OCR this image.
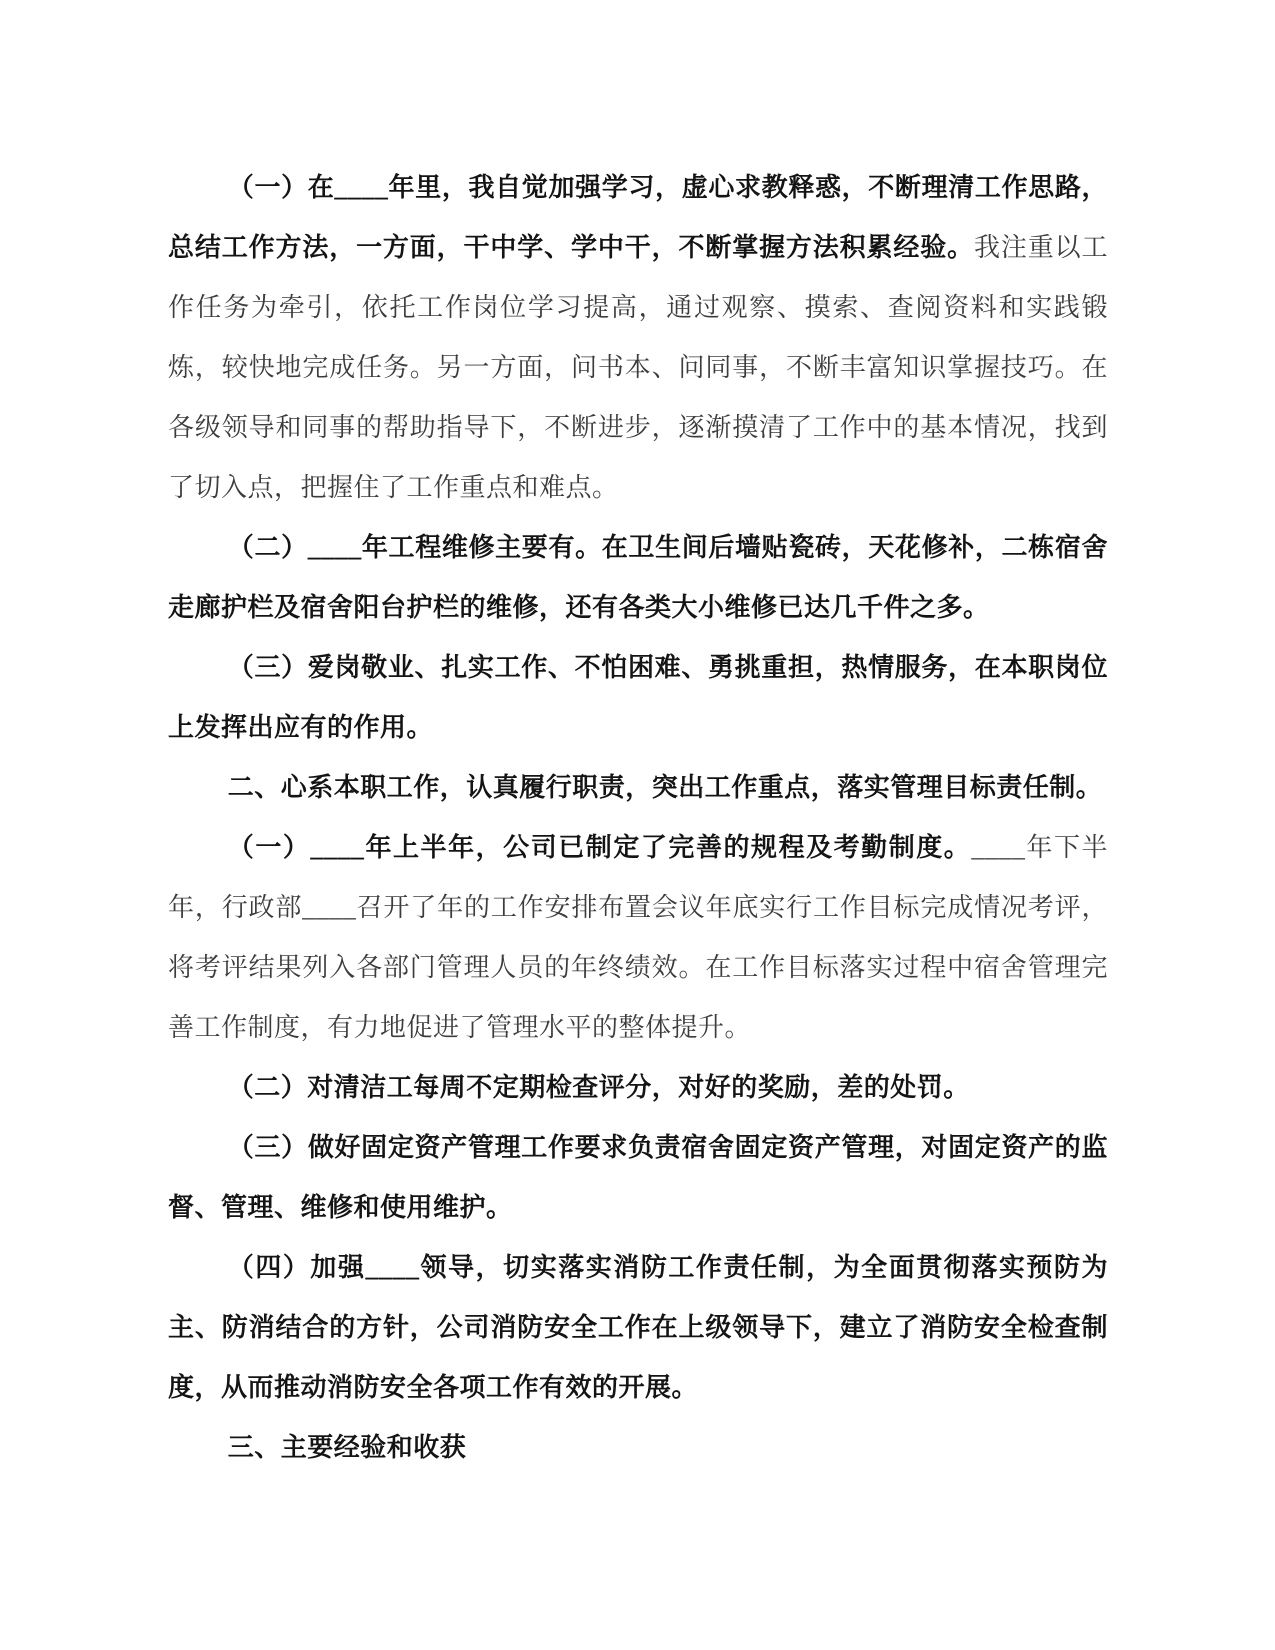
（一）在____年里，我自觉加强学习，虚心求教释惑，不断理清工作思路，总结工作方法，一方面，干中学、学中干，不断掌握方法积累经验。我注重以工作任务为牵引，依托工作岗位学习提高，通过观察、摸索、查阅资料和实践锻炼，较快地完成任务。另一方面，问书本、问同事，不断丰富知识掌握技巧。在各级领导和同事的帮助指导下，不断进步，逐渐摸清了工作中的基本情况，找到了切入点，把握住了工作重点和难点。

（二）____年工程维修主要有。在卫生间后墙贴瓷砖，天花修补，二栋宿舍走廊护栏及宿舍阳台护栏的维修，还有各类大小维修已达几千件之多。

（三）爱岗敬业、扎实工作、不怕困难、勇挑重担，热情服务，在本职岗位上发挥出应有的作用。

二、心系本职工作，认真履行职责，突出工作重点，落实管理目标责任制。

（一）____年上半年，公司已制定了完善的规程及考勤制度。____年下半年，行政部____召开了年的工作安排布置会议年底实行工作目标完成情况考评，将考评结果列入各部门管理人员的年终绩效。在工作目标落实过程中宿舍管理完善工作制度，有力地促进了管理水平的整体提升。

（二）对清洁工每周不定期检查评分，对好的奖励，差的处罚。

（三）做好固定资产管理工作要求负责宿舍固定资产管理，对固定资产的监督、管理、维修和使用维护。

（四）加强____领导，切实落实消防工作责任制，为全面贯彻落实预防为主、防消结合的方针，公司消防安全工作在上级领导下，建立了消防安全检查制度，从而推动消防安全各项工作有效的开展。

三、主要经验和收获
